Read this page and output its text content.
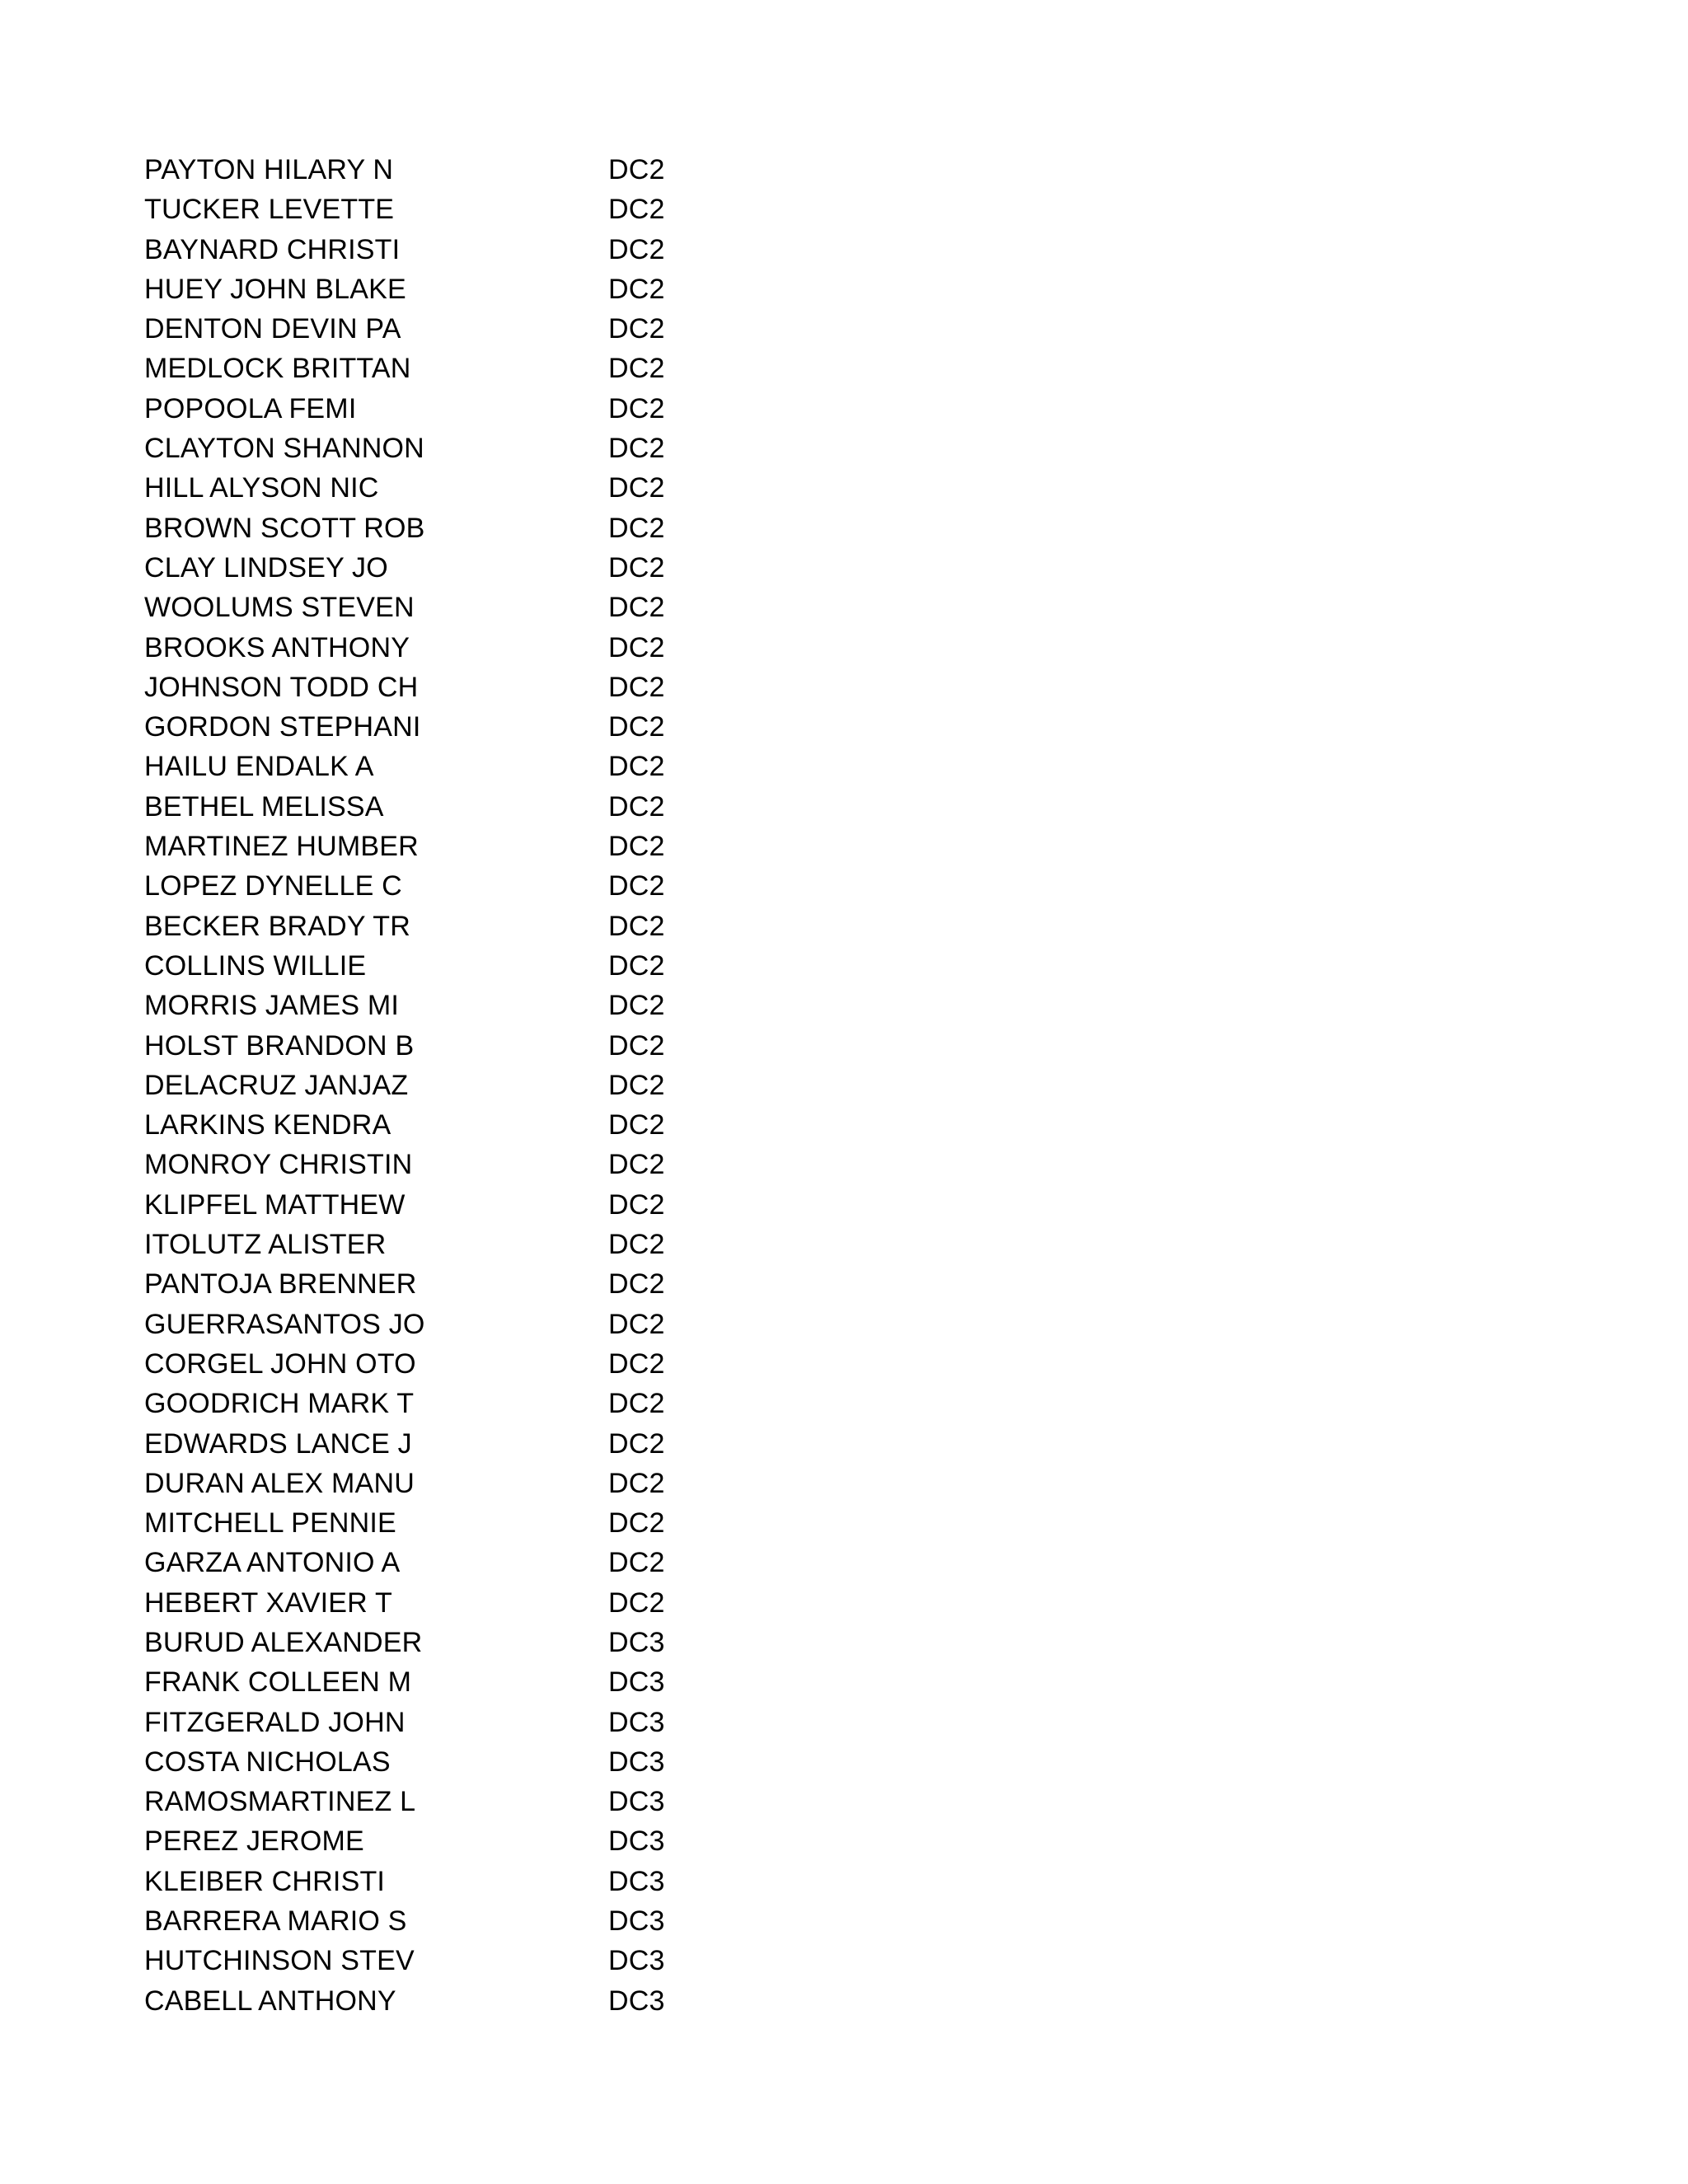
PAYTON HILARY N	DC2
TUCKER LEVETTE	DC2
BAYNARD CHRISTI	DC2
HUEY JOHN BLAKE	DC2
DENTON DEVIN PA	DC2
MEDLOCK BRITTAN	DC2
POPOOLA FEMI	DC2
CLAYTON SHANNON	DC2
HILL ALYSON NIC	DC2
BROWN SCOTT ROB	DC2
CLAY LINDSEY JO	DC2
WOOLUMS STEVEN	DC2
BROOKS ANTHONY	DC2
JOHNSON TODD CH	DC2
GORDON STEPHANI	DC2
HAILU ENDALK A	DC2
BETHEL MELISSA	DC2
MARTINEZ HUMBER	DC2
LOPEZ DYNELLE C	DC2
BECKER BRADY TR	DC2
COLLINS WILLIE	DC2
MORRIS JAMES MI	DC2
HOLST BRANDON B	DC2
DELACRUZ JANJAZ	DC2
LARKINS KENDRA	DC2
MONROY CHRISTIN	DC2
KLIPFEL MATTHEW	DC2
ITOLUTZ ALISTER	DC2
PANTOJA BRENNER	DC2
GUERRASANTOS JO	DC2
CORGEL JOHN OTO	DC2
GOODRICH MARK T	DC2
EDWARDS LANCE J	DC2
DURAN ALEX MANU	DC2
MITCHELL PENNIE	DC2
GARZA ANTONIO A	DC2
HEBERT XAVIER T	DC2
BURUD ALEXANDER	DC3
FRANK COLLEEN M	DC3
FITZGERALD JOHN	DC3
COSTA NICHOLAS	DC3
RAMOSMARTINEZ L	DC3
PEREZ JEROME	DC3
KLEIBER CHRISTI	DC3
BARRERA MARIO S	DC3
HUTCHINSON STEV	DC3
CABELL ANTHONY	DC3
